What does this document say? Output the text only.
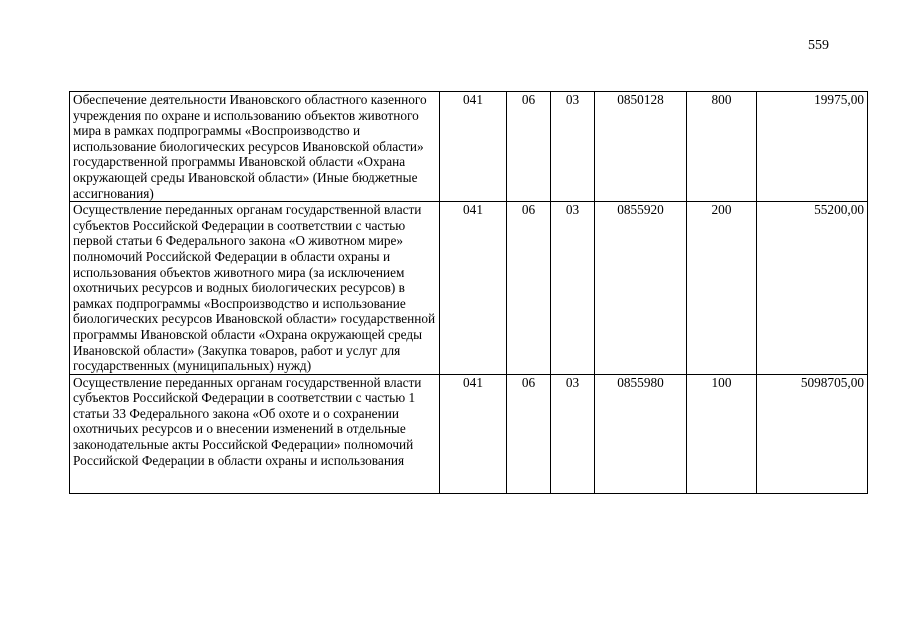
559
Обеспечение деятельности Ивановского областного казенного учреждения по охране и использованию объектов животного мира в рамках подпрограммы «Воспроизводство и использование биологических ресурсов Ивановской области» государственной программы Ивановской области «Охрана окружающей среды Ивановской области» (Иные бюджетные ассигнования)	041	06	03	0850128	800	19975,00
Осуществление переданных органам государственной власти субъектов Российской Федерации в соответствии с частью первой статьи 6 Федерального закона «О животном мире» полномочий Российской Федерации в области охраны и использования объектов животного мира (за исключением охотничьих ресурсов и водных биологических ресурсов) в рамках подпрограммы «Воспроизводство и использование биологических ресурсов Ивановской области» государственной программы Ивановской области «Охрана окружающей среды Ивановской области» (Закупка товаров, работ и услуг для государственных (муниципальных) нужд)	041	06	03	0855920	200	55200,00

Осуществление переданных органам государственной власти субъектов Российской Федерации в соответствии с частью 1 статьи 33 Федерального закона «Об охоте и о сохранении охотничьих ресурсов и о внесении изменений в отдельные законодательные акты Российской Федерации» полномочий Российской Федерации в области охраны и использования	041	06	03	0855980	100	5098705,00
